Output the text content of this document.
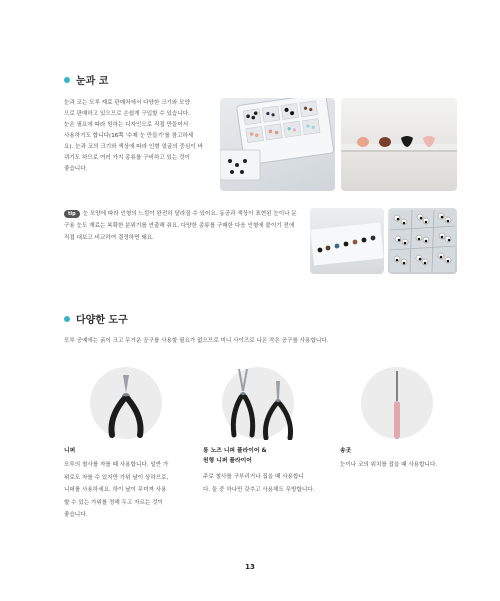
눈과 코
눈과 코는 모루 재료 판매처에서 다양한 크기와 모양
으로 판매하고 있으므로 손쉽게 구입할 수 있습니다.
눈은 필요에 따라 원하는 디자인으로 직접 만들어서
사용하기도 합니다(16쪽 '수제 눈 만들기'를 참고하세
요). 눈과 코의 크기와 색상에 따라 인형 얼굴의 중심이 바
뀌기도 하므로 여러 가지 종류를 구비하고 있는 것이
좋습니다.
tip 눈 모양에 따라 인형의 느낌이 완전히 달라질 수 있어요. 동공과 색상이 표현된 눈이나 문
구용 눈도 재료는 복확한 분위기를 연출해 줘요. 다양한 종류를 구매한 다음 인형에 붙이기 전에
직접 대보고 비교하여 결정하면 돼요.
다양한 도구
모루 공예에는 굵이 크고 무거운 공구를 사용할 필요가 없으므로 미니 사이즈로 나온 작은 공구를 사용합니다.
니퍼
모루의 철사를 자를 때 사용합니다. 일반 가
위로도 자를 수 있지만 가위 날이 상하므로,
니퍼를 사용하세요. 하이 날이 무뎌져 사용
할 수 있는 가위를 정해 두고 자르는 것이
좋습니다.
롱 노즈 니퍼 플라이어 &
원형 니퍼 플라이어
주로 철사를 구부리거나 집을 때 사용합니
다. 둘 중 하나만 갖추고 사용해도 무방합니다.
송곳
눈이나 코의 위치를 잡을 때 사용합니다.
13
